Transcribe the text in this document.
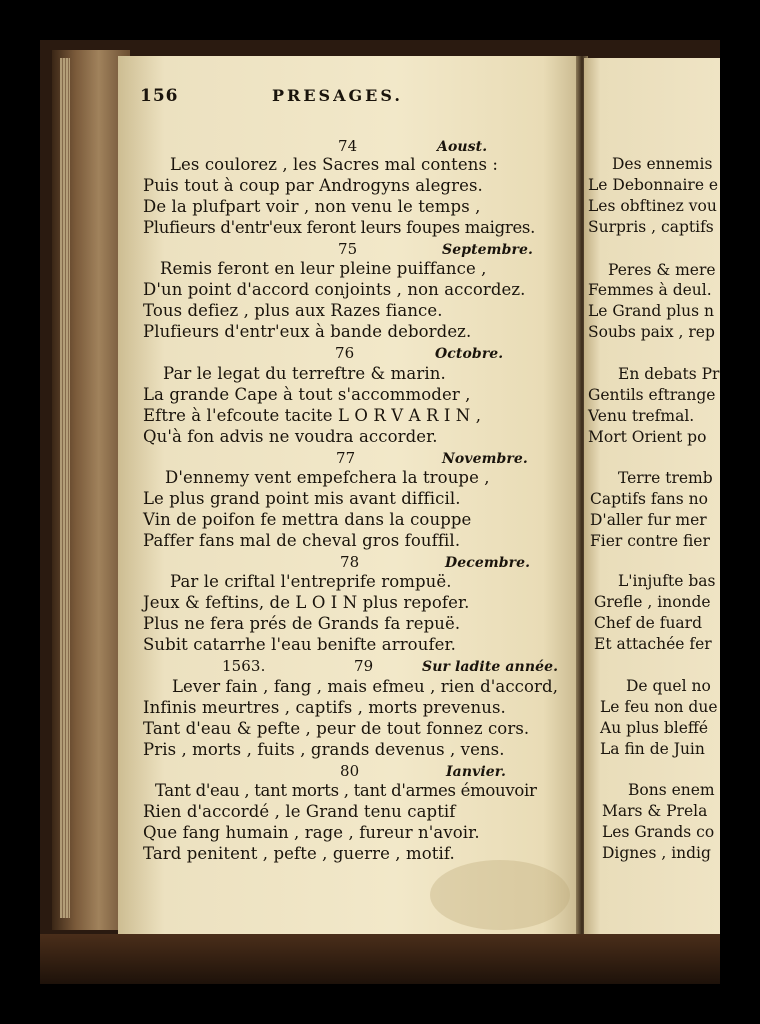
156	PRESAGES.
74	Aoust.
Les coulorez , les Sacres mal contens :
Puis tout à coup par Androgyns alegres.
De la plufpart voir , non venu le temps ,
Plufieurs d'entr'eux feront leurs foupes maigres.
75	Septembre.
Remis feront en leur pleine puiffance ,
D'un point d'accord conjoints , non accordez.
Tous defiez , plus aux Razes fiance.
Plufieurs d'entr'eux à bande debordez.
76	Octobre.
Par le legat du terreftre & marin.
La grande Cape à tout s'accommoder ,
Eftre à l'efcoute tacite L O R V A R I N ,
Qu'à fon advis ne voudra accorder.
77	Novembre.
D'ennemy vent empefchera la troupe ,
Le plus grand point mis avant difficil.
Vin de poifon fe mettra dans la couppe
Paffer fans mal de cheval gros fouffil.
78	Decembre.
Par le criftal l'entreprife rompuë.
Jeux & feftins, de L O I N plus repofer.
Plus ne fera prés de Grands fa repuë.
Subit catarrhe l'eau benifte arroufer.
1563.	79	Sur ladite année.
Lever fain , fang , mais efmeu , rien d'accord,
Infinis meurtres , captifs , morts prevenus.
Tant d'eau & pefte , peur de tout fonnez cors.
Pris , morts , fuits , grands devenus , vens.
80	Ianvier.
Tant d'eau , tant morts , tant d'armes émouvoir
Rien d'accordé , le Grand tenu captif
Que fang humain , rage , fureur n'avoir.
Tard penitent , pefte , guerre , motif.
Des ennemis
Le Debonnaire e
Les obftinez vou
Surpris , captifs
Peres & mere
Femmes à deul.
Le Grand plus n
Soubs paix , rep
En debats Pr
Gentils eftrange
Venu trefmal.
Mort Orient po
Terre tremb
Captifs fans no
D'aller fur mer
Fier contre fier
L'injufte bas
Grefle , inonde
Chef de fuard
Et attachée fer
De quel no
Le feu non due
Au plus bleffé
La fin de Juin
Bons enem
Mars & Prela
Les Grands co
Dignes , indig
